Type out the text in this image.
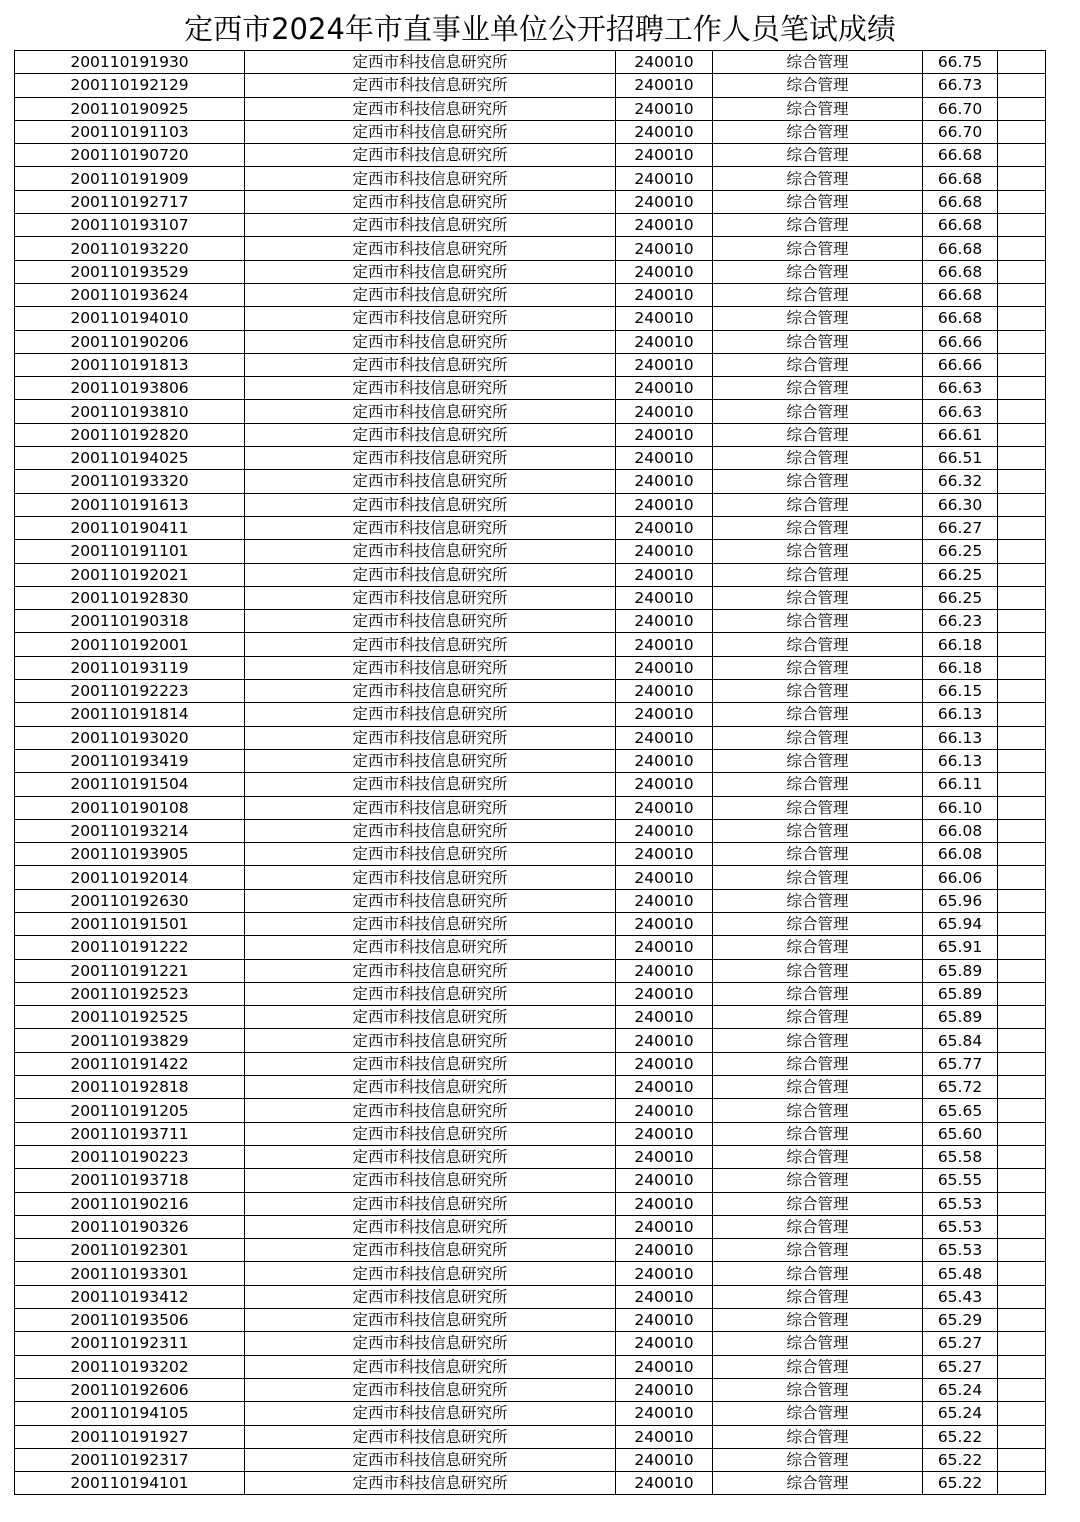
定西市2024年市直事业单位公开招聘工作人员笔试成绩
200110191930	定西市科技信息研究所	240010	综合管理	66.75	
200110192129	定西市科技信息研究所	240010	综合管理	66.73	
200110190925	定西市科技信息研究所	240010	综合管理	66.70	
200110191103	定西市科技信息研究所	240010	综合管理	66.70	
200110190720	定西市科技信息研究所	240010	综合管理	66.68	
200110191909	定西市科技信息研究所	240010	综合管理	66.68	
200110192717	定西市科技信息研究所	240010	综合管理	66.68	
200110193107	定西市科技信息研究所	240010	综合管理	66.68	
200110193220	定西市科技信息研究所	240010	综合管理	66.68	
200110193529	定西市科技信息研究所	240010	综合管理	66.68	
200110193624	定西市科技信息研究所	240010	综合管理	66.68	
200110194010	定西市科技信息研究所	240010	综合管理	66.68	
200110190206	定西市科技信息研究所	240010	综合管理	66.66	
200110191813	定西市科技信息研究所	240010	综合管理	66.66	
200110193806	定西市科技信息研究所	240010	综合管理	66.63	
200110193810	定西市科技信息研究所	240010	综合管理	66.63	
200110192820	定西市科技信息研究所	240010	综合管理	66.61	
200110194025	定西市科技信息研究所	240010	综合管理	66.51	
200110193320	定西市科技信息研究所	240010	综合管理	66.32	
200110191613	定西市科技信息研究所	240010	综合管理	66.30	
200110190411	定西市科技信息研究所	240010	综合管理	66.27	
200110191101	定西市科技信息研究所	240010	综合管理	66.25	
200110192021	定西市科技信息研究所	240010	综合管理	66.25	
200110192830	定西市科技信息研究所	240010	综合管理	66.25	
200110190318	定西市科技信息研究所	240010	综合管理	66.23	
200110192001	定西市科技信息研究所	240010	综合管理	66.18	
200110193119	定西市科技信息研究所	240010	综合管理	66.18	
200110192223	定西市科技信息研究所	240010	综合管理	66.15	
200110191814	定西市科技信息研究所	240010	综合管理	66.13	
200110193020	定西市科技信息研究所	240010	综合管理	66.13	
200110193419	定西市科技信息研究所	240010	综合管理	66.13	
200110191504	定西市科技信息研究所	240010	综合管理	66.11	
200110190108	定西市科技信息研究所	240010	综合管理	66.10	
200110193214	定西市科技信息研究所	240010	综合管理	66.08	
200110193905	定西市科技信息研究所	240010	综合管理	66.08	
200110192014	定西市科技信息研究所	240010	综合管理	66.06	
200110192630	定西市科技信息研究所	240010	综合管理	65.96	
200110191501	定西市科技信息研究所	240010	综合管理	65.94	
200110191222	定西市科技信息研究所	240010	综合管理	65.91	
200110191221	定西市科技信息研究所	240010	综合管理	65.89	
200110192523	定西市科技信息研究所	240010	综合管理	65.89	
200110192525	定西市科技信息研究所	240010	综合管理	65.89	
200110193829	定西市科技信息研究所	240010	综合管理	65.84	
200110191422	定西市科技信息研究所	240010	综合管理	65.77	
200110192818	定西市科技信息研究所	240010	综合管理	65.72	
200110191205	定西市科技信息研究所	240010	综合管理	65.65	
200110193711	定西市科技信息研究所	240010	综合管理	65.60	
200110190223	定西市科技信息研究所	240010	综合管理	65.58	
200110193718	定西市科技信息研究所	240010	综合管理	65.55	
200110190216	定西市科技信息研究所	240010	综合管理	65.53	
200110190326	定西市科技信息研究所	240010	综合管理	65.53	
200110192301	定西市科技信息研究所	240010	综合管理	65.53	
200110193301	定西市科技信息研究所	240010	综合管理	65.48	
200110193412	定西市科技信息研究所	240010	综合管理	65.43	
200110193506	定西市科技信息研究所	240010	综合管理	65.29	
200110192311	定西市科技信息研究所	240010	综合管理	65.27	
200110193202	定西市科技信息研究所	240010	综合管理	65.27	
200110192606	定西市科技信息研究所	240010	综合管理	65.24	
200110194105	定西市科技信息研究所	240010	综合管理	65.24	
200110191927	定西市科技信息研究所	240010	综合管理	65.22	
200110192317	定西市科技信息研究所	240010	综合管理	65.22	
200110194101	定西市科技信息研究所	240010	综合管理	65.22	
